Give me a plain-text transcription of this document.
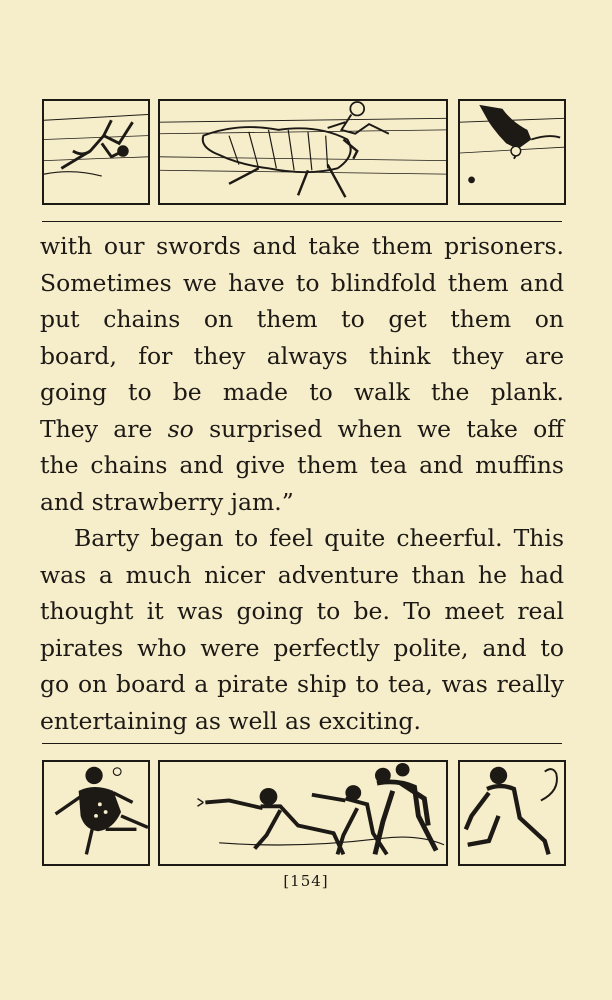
with our swords and take them prisoners.
Sometimes we have to blindfold them and
put chains on them to get them on
board, for they always think they are
going to be made to walk the plank.
They are so surprised when we take off
the chains and give them tea and muffins
and strawberry jam.”
Barty began to feel quite cheerful. This
was a much nicer adventure than he had
thought it was going to be. To meet real
pirates who were perfectly polite, and to
go on board a pirate ship to tea, was really
entertaining as well as exciting.
[154]
